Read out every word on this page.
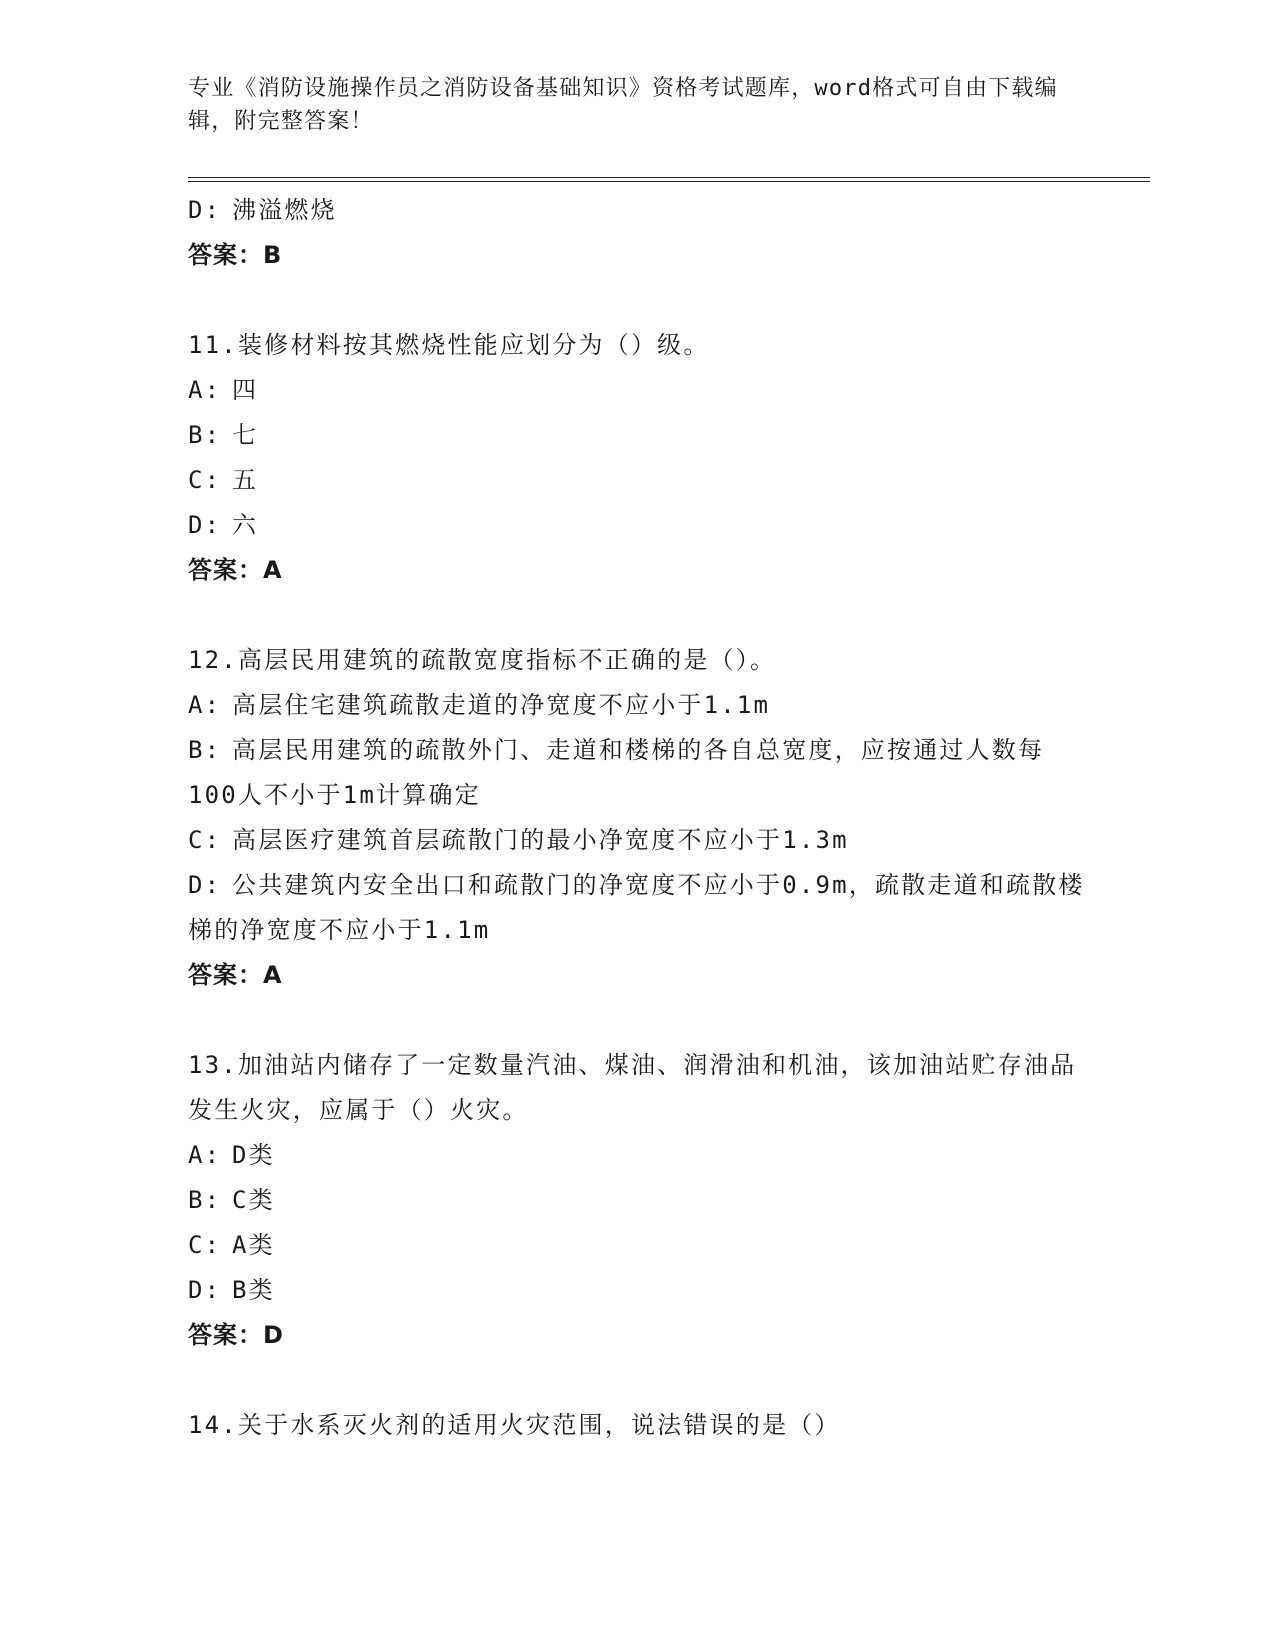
专业《消防设施操作员之消防设备基础知识》资格考试题库，word格式可自由下载编辑，附完整答案！
D: 沸溢燃烧
答案：B
11.装修材料按其燃烧性能应划分为（）级。
A: 四
B: 七
C: 五
D: 六
答案：A
12.高层民用建筑的疏散宽度指标不正确的是（）。
A: 高层住宅建筑疏散走道的净宽度不应小于1.1m
B: 高层民用建筑的疏散外门、走道和楼梯的各自总宽度，应按通过人数每100人不小于1m计算确定
C: 高层医疗建筑首层疏散门的最小净宽度不应小于1.3m
D: 公共建筑内安全出口和疏散门的净宽度不应小于0.9m，疏散走道和疏散楼梯的净宽度不应小于1.1m
答案：A
13.加油站内储存了一定数量汽油、煤油、润滑油和机油，该加油站贮存油品发生火灾，应属于（）火灾。
A: D类
B: C类
C: A类
D: B类
答案：D
14.关于水系灭火剂的适用火灾范围，说法错误的是（）
